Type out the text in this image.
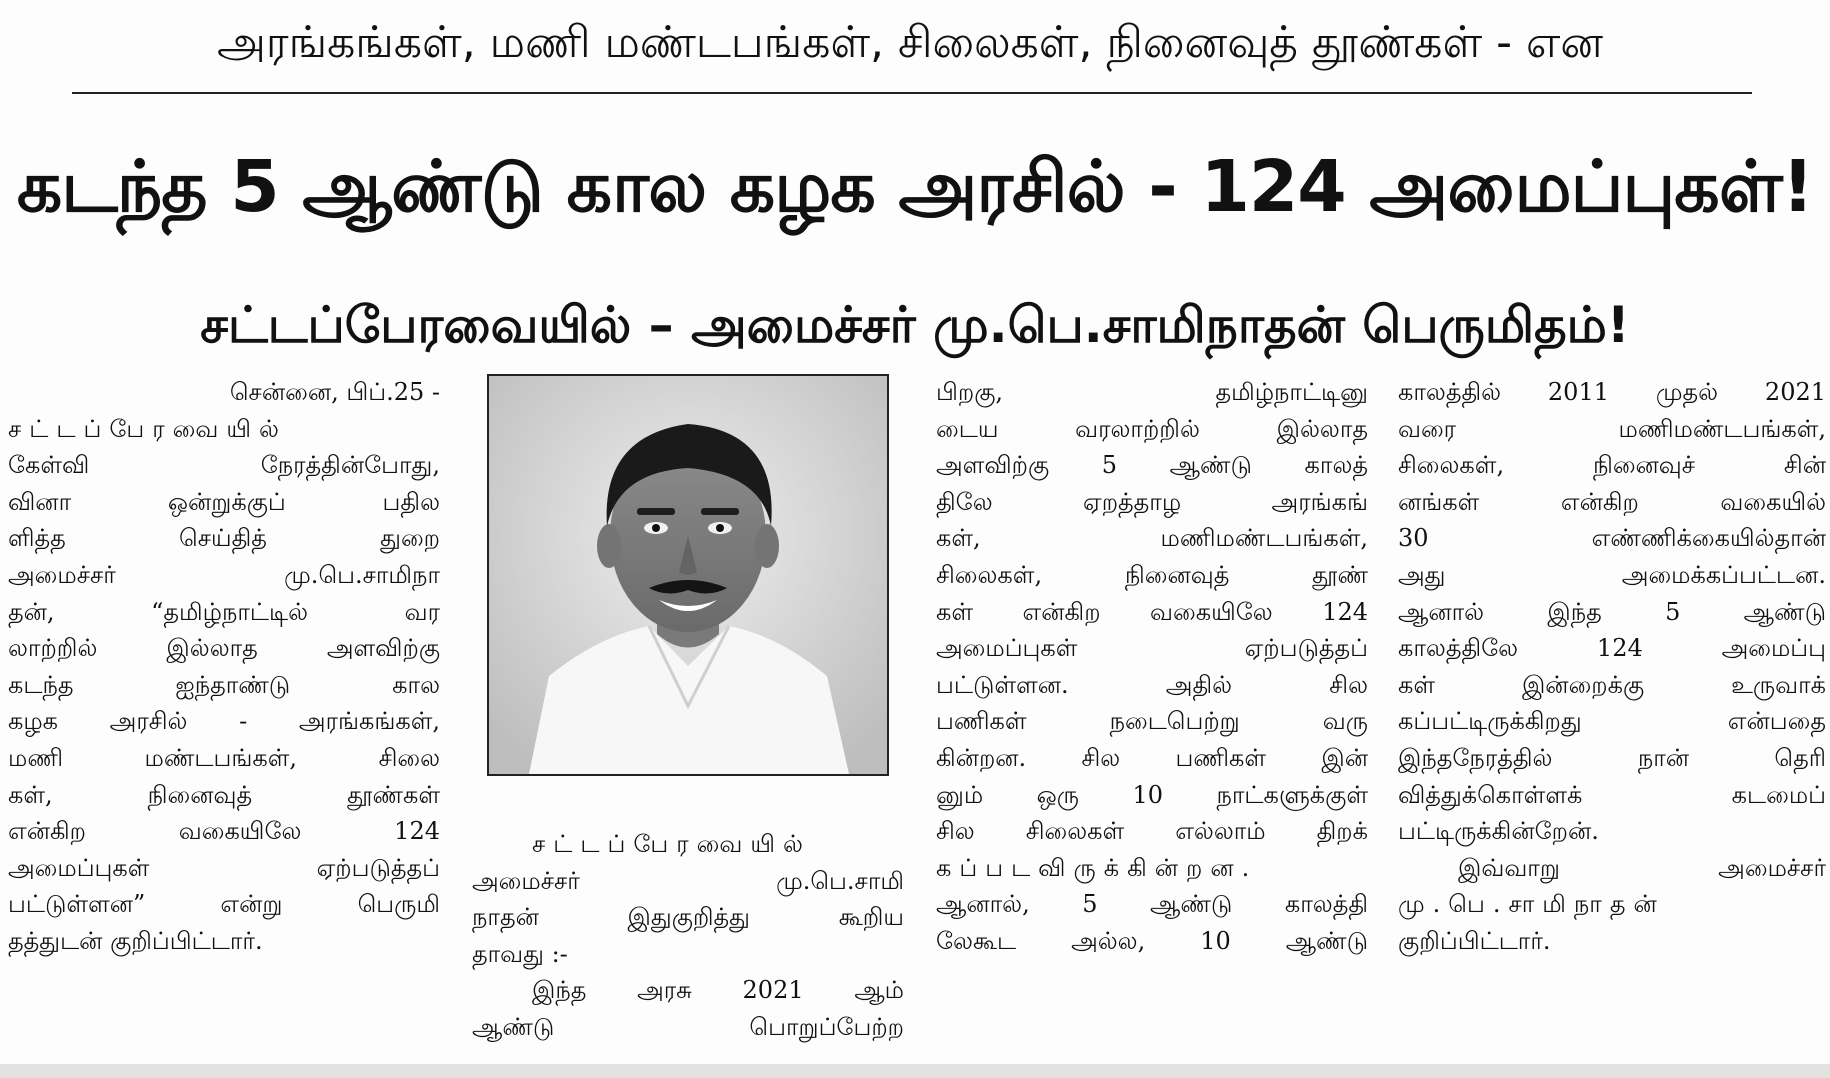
அரங்கங்கள், மணி மண்டபங்கள், சிலைகள், நினைவுத் தூண்கள் - என
கடந்த 5 ஆண்டு கால கழக அரசில் - 124 அமைப்புகள்!
சட்டப்பேரவையில் – அமைச்சர் மு.பெ.சாமிநாதன் பெருமிதம்!
சென்னை, பிப்.25 -
சட்டப்பேரவையில்
கேள்வி நேரத்தின்போது,
வினா ஒன்றுக்குப் பதில
ளித்த செய்தித் துறை
அமைச்சர் மு.பெ.சாமிநா
தன், “தமிழ்நாட்டில் வர
லாற்றில் இல்லாத அளவிற்கு
கடந்த ஐந்தாண்டு கால
கழக அரசில் - அரங்கங்கள்,
மணி மண்டபங்கள், சிலை
கள், நினைவுத் தூண்கள்
என்கிற வகையிலே 124
அமைப்புகள் ஏற்படுத்தப்
பட்டுள்ளன” என்று பெருமி
தத்துடன் குறிப்பிட்டார்.
சட்டப்பேரவையில்
அமைச்சர் மு.பெ.சாமி
நாதன் இதுகுறித்து கூறிய
தாவது :-
இந்த அரசு 2021 ஆம்
ஆண்டு பொறுப்பேற்ற
பிறகு, தமிழ்நாட்டினு
டைய வரலாற்றில் இல்லாத
அளவிற்கு 5 ஆண்டு காலத்
திலே ஏறத்தாழ அரங்கங்
கள், மணிமண்டபங்கள்,
சிலைகள், நினைவுத் தூண்
கள் என்கிற வகையிலே 124
அமைப்புகள் ஏற்படுத்தப்
பட்டுள்ளன. அதில் சில
பணிகள் நடைபெற்று வரு
கின்றன. சில பணிகள் இன்
னும் ஒரு 10 நாட்களுக்குள்
சில சிலைகள் எல்லாம் திறக்
கப்படவிருக்கின்றன.
ஆனால், 5 ஆண்டு காலத்தி
லேகூட அல்ல, 10 ஆண்டு
காலத்தில் 2011 முதல் 2021
வரை மணிமண்டபங்கள்,
சிலைகள், நினைவுச் சின்
னங்கள் என்கிற வகையில்
30 எண்ணிக்கையில்தான்
அது அமைக்கப்பட்டன.
ஆனால் இந்த 5 ஆண்டு
காலத்திலே 124 அமைப்பு
கள் இன்றைக்கு உருவாக்
கப்பட்டிருக்கிறது என்பதை
இந்தநேரத்தில் நான் தெரி
வித்துக்கொள்ளக் கடமைப்
பட்டிருக்கின்றேன்.
இவ்வாறு அமைச்சர்
மு.பெ.சாமிநாதன்
குறிப்பிட்டார்.
